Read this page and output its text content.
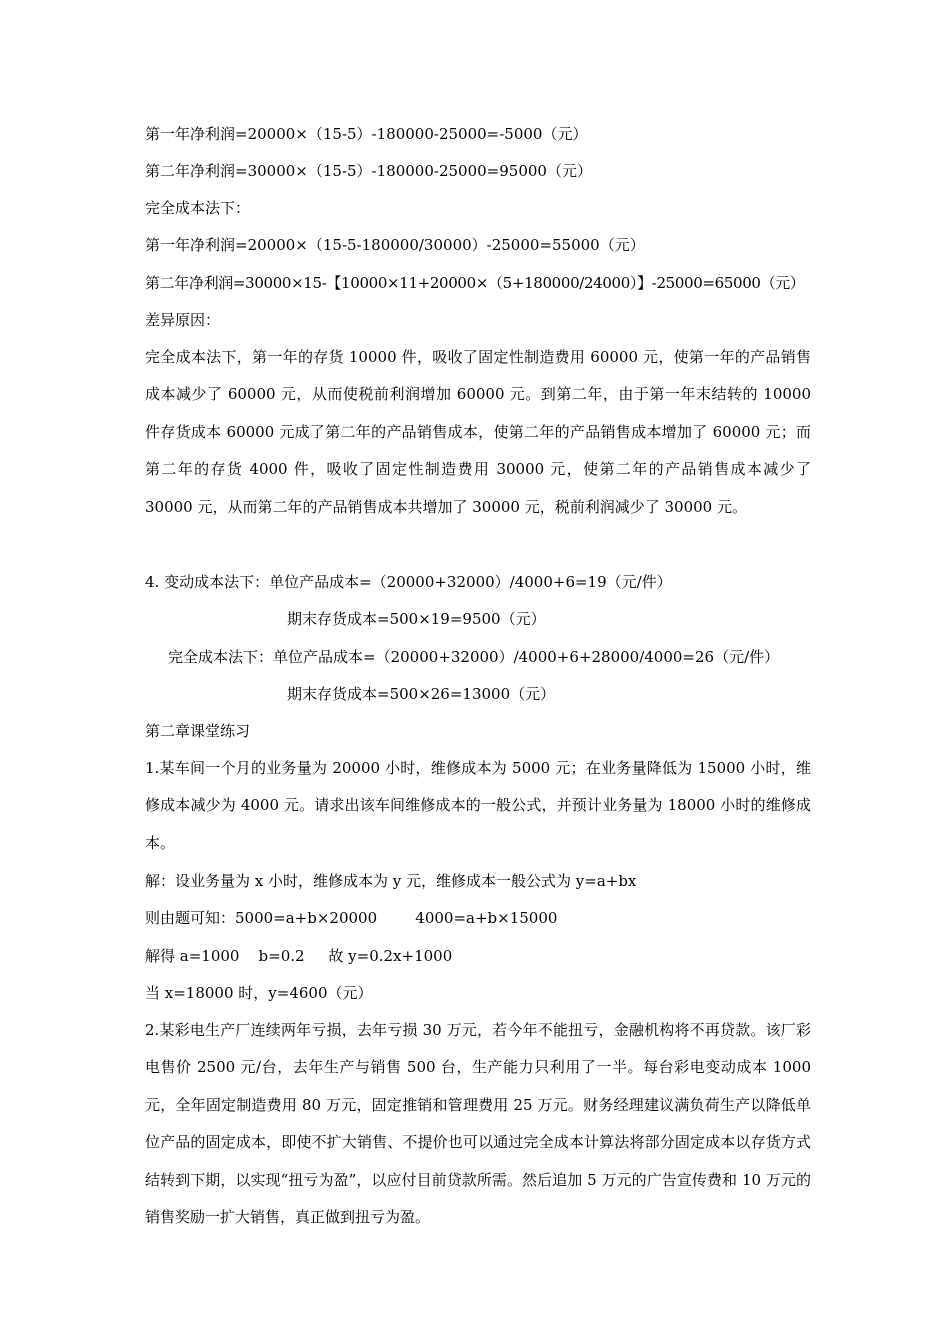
第一年净利润=20000×（15-5）-180000-25000=-5000（元）
第二年净利润=30000×（15-5）-180000-25000=95000（元）
完全成本法下：
第一年净利润=20000×（15-5-180000/30000）-25000=55000（元）
第二年净利润=30000×15-【10000×11+20000×（5+180000/24000）】-25000=65000（元）
差异原因：
完全成本法下，第一年的存货 10000 件，吸收了固定性制造费用 60000 元，使第一年的产品销售成本减少了 60000 元，从而使税前利润增加 60000 元。到第二年，由于第一年末结转的 10000 件存货成本 60000 元成了第二年的产品销售成本，使第二年的产品销售成本增加了 60000 元；而第二年的存货 4000 件，吸收了固定性制造费用 30000 元，使第二年的产品销售成本减少了 30000 元，从而第二年的产品销售成本共增加了 30000 元，税前利润减少了 30000 元。
4. 变动成本法下：单位产品成本=（20000+32000）/4000+6=19（元/件）
期末存货成本=500×19=9500（元）
完全成本法下：单位产品成本=（20000+32000）/4000+6+28000/4000=26（元/件）
期末存货成本=500×26=13000（元）
第二章课堂练习
1.某车间一个月的业务量为 20000 小时，维修成本为 5000 元；在业务量降低为 15000 小时，维修成本减少为 4000 元。请求出该车间维修成本的一般公式，并预计业务量为 18000 小时的维修成本。
解：设业务量为 x 小时，维修成本为 y 元，维修成本一般公式为 y=a+bx
则由题可知：5000=a+b×20000        4000=a+b×15000
解得 a=1000    b=0.2     故 y=0.2x+1000
当 x=18000 时，y=4600（元）
2.某彩电生产厂连续两年亏损，去年亏损 30 万元，若今年不能扭亏，金融机构将不再贷款。该厂彩电售价 2500 元/台，去年生产与销售 500 台，生产能力只利用了一半。每台彩电变动成本 1000 元，全年固定制造费用 80 万元，固定推销和管理费用 25 万元。财务经理建议满负荷生产以降低单位产品的固定成本，即使不扩大销售、不提价也可以通过完全成本计算法将部分固定成本以存货方式结转到下期，以实现“扭亏为盈”，以应付目前贷款所需。然后追加 5 万元的广告宣传费和 10 万元的销售奖励一扩大销售，真正做到扭亏为盈。
